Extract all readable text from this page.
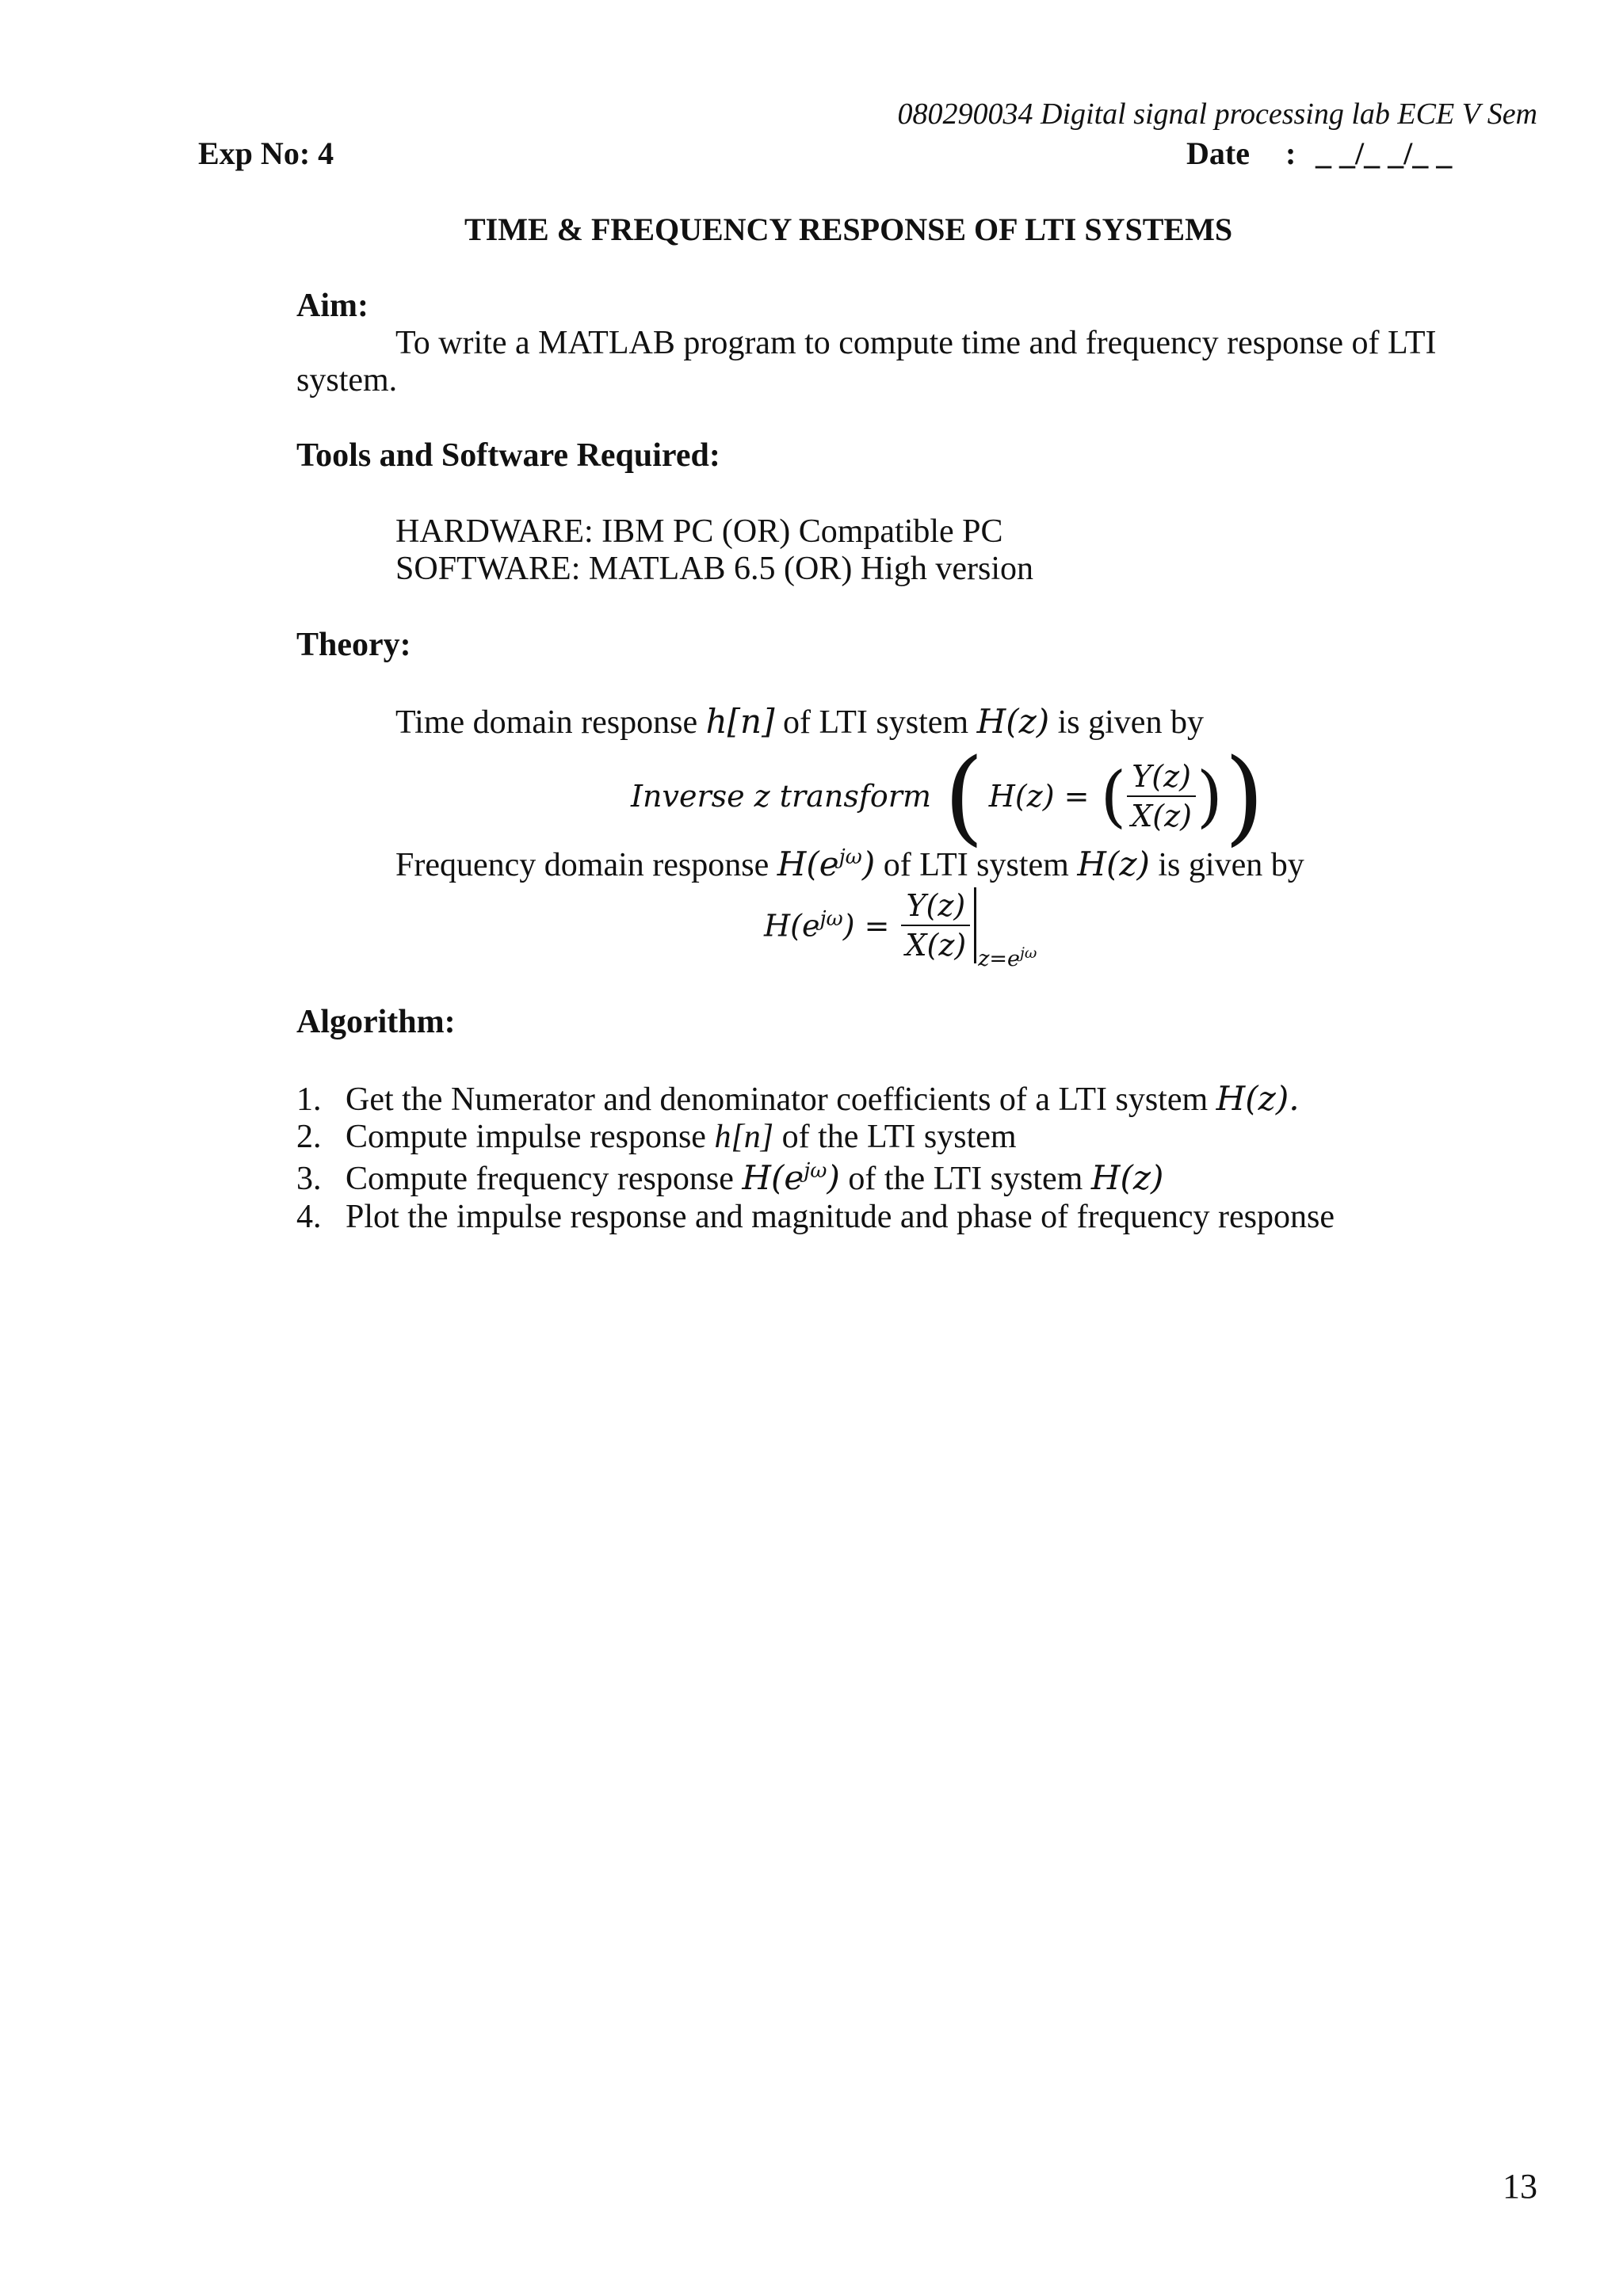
080290034 Digital signal processing lab ECE V Sem
Exp No: 4	Date : _ _/_ _/_ _
TIME & FREQUENCY RESPONSE OF LTI SYSTEMS
Aim:
To write a MATLAB program to compute time and frequency response of LTI
system.
Tools and Software Required:
HARDWARE: IBM PC (OR) Compatible PC
SOFTWARE: MATLAB 6.5 (OR) High version
Theory:
Time domain response h[n] of LTI system H(z) is given by
Inverse z transform ( H(z) = ( $\frac{Y(z)}{X(z)}$ ) )
Frequency domain response $H(e^{j\omega})$ of LTI system H(z) is given by
$H(e^{j\omega}) = \frac{Y(z)}{X(z)} z=e^{j\omega}$
Algorithm:
1. Get the Numerator and denominator coefficients of a LTI system H(z).
2. Compute impulse response h[n] of the LTI system
3. Compute frequency response $H(e^{j\omega})$ of the LTI system H(z)
4. Plot the impulse response and magnitude and phase of frequency response
13
